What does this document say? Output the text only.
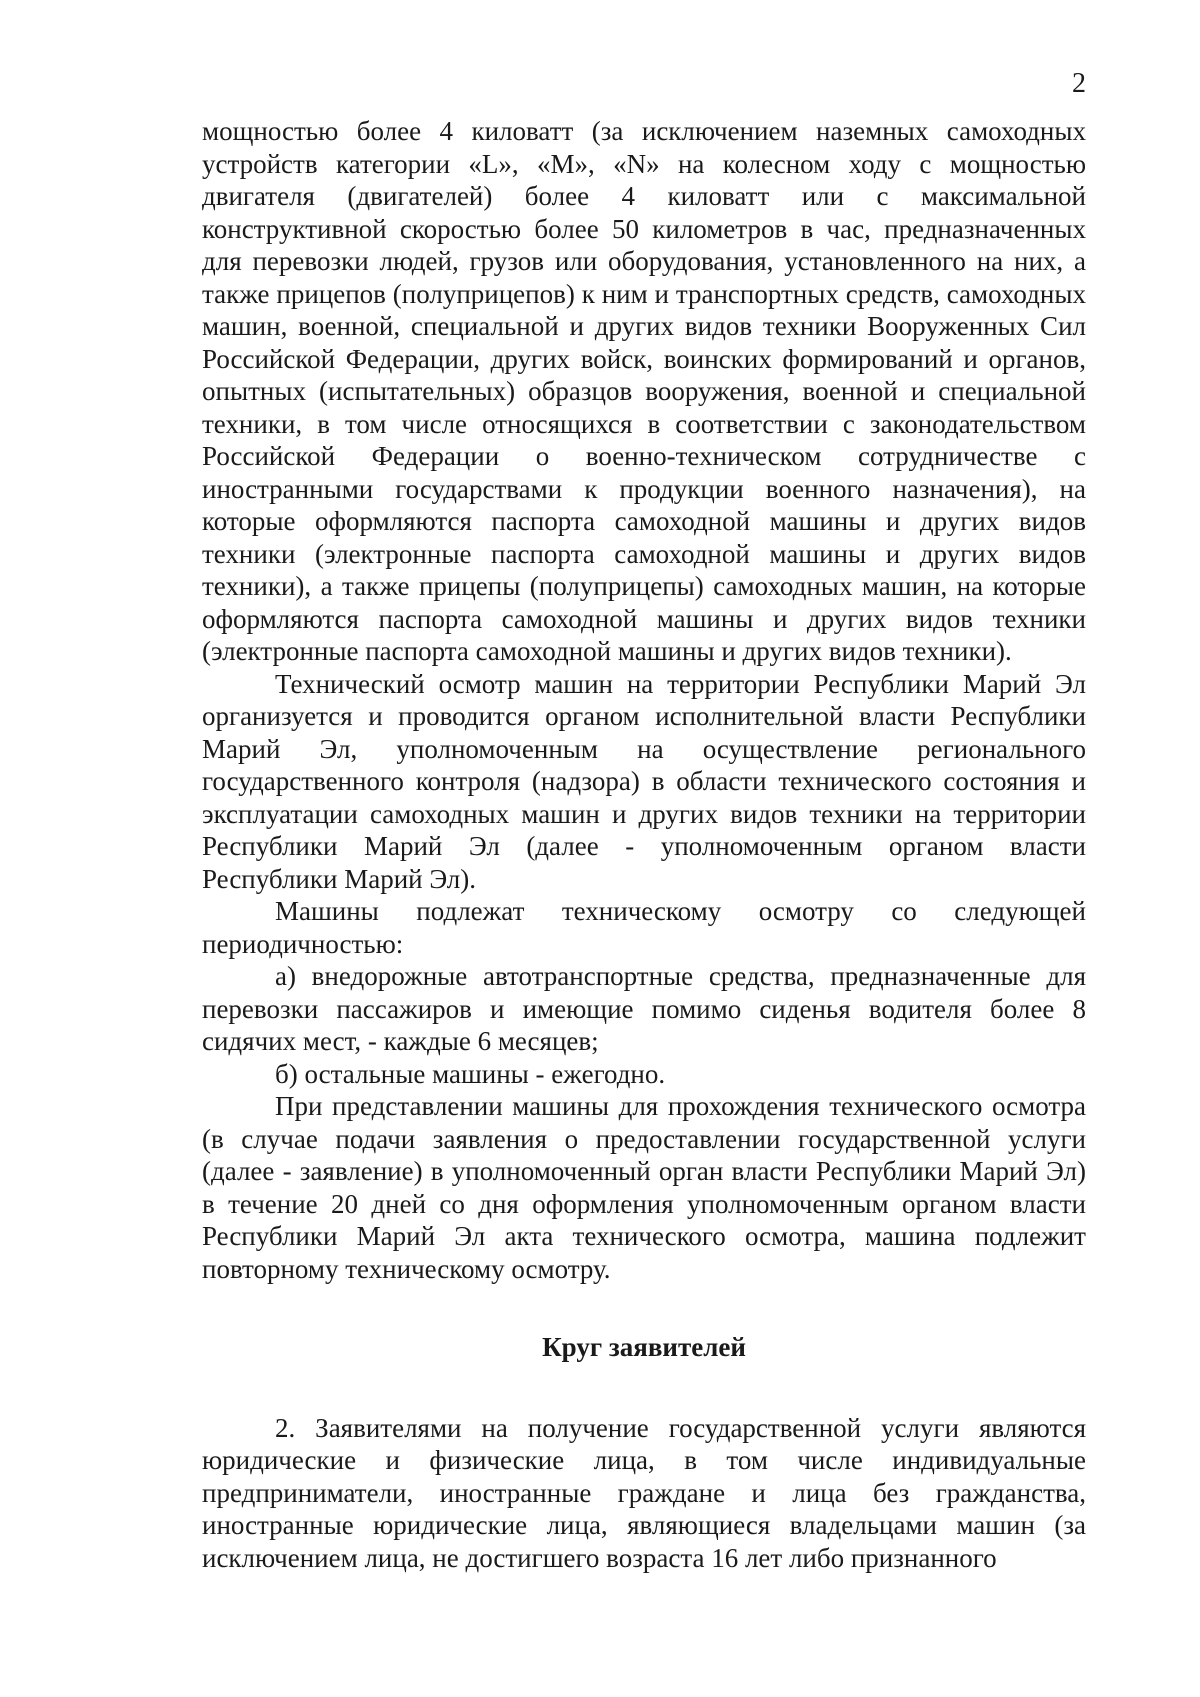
2

мощностью более 4 киловатт (за исключением наземных самоходных устройств категории «L», «M», «N» на колесном ходу с мощностью двигателя (двигателей) более 4 киловатт или с максимальной конструктивной скоростью более 50 километров в час, предназначенных для перевозки людей, грузов или оборудования, установленного на них, а также прицепов (полуприцепов) к ним и транспортных средств, самоходных машин, военной, специальной и других видов техники Вооруженных Сил Российской Федерации, других войск, воинских формирований и органов, опытных (испытательных) образцов вооружения, военной и специальной техники, в том числе относящихся в соответствии с законодательством Российской Федерации о военно-техническом сотрудничестве с иностранными государствами к продукции военного назначения), на которые оформляются паспорта самоходной машины и других видов техники (электронные паспорта самоходной машины и других видов техники), а также прицепы (полуприцепы) самоходных машин, на которые оформляются паспорта самоходной машины и других видов техники (электронные паспорта самоходной машины и других видов техники).

Технический осмотр машин на территории Республики Марий Эл организуется и проводится органом исполнительной власти Республики Марий Эл, уполномоченным на осуществление регионального государственного контроля (надзора) в области технического состояния и эксплуатации самоходных машин и других видов техники на территории Республики Марий Эл (далее - уполномоченным органом власти Республики Марий Эл).

Машины подлежат техническому осмотру со следующей периодичностью:

а) внедорожные автотранспортные средства, предназначенные для перевозки пассажиров и имеющие помимо сиденья водителя более 8 сидячих мест, - каждые 6 месяцев;

б) остальные машины - ежегодно.

При представлении машины для прохождения технического осмотра (в случае подачи заявления о предоставлении государственной услуги (далее - заявление) в уполномоченный орган власти Республики Марий Эл) в течение 20 дней со дня оформления уполномоченным органом власти Республики Марий Эл акта технического осмотра, машина подлежит повторному техническому осмотру.

Круг заявителей

2. Заявителями на получение государственной услуги являются юридические и физические лица, в том числе индивидуальные предприниматели, иностранные граждане и лица без гражданства, иностранные юридические лица, являющиеся владельцами машин (за исключением лица, не достигшего возраста 16 лет либо признанного
